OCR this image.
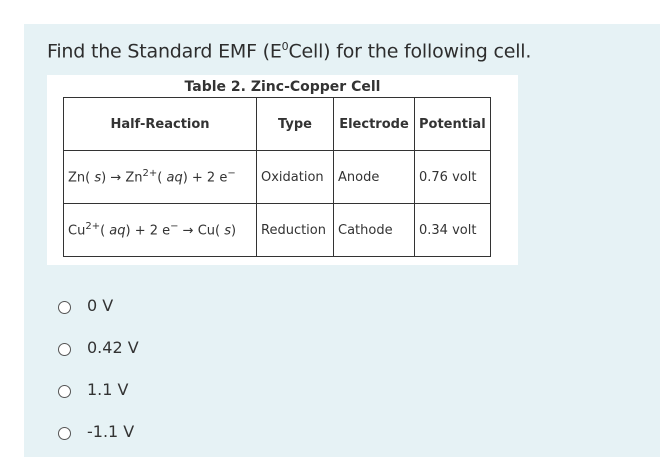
Find the Standard EMF $(E^0Cell)$ for the following cell.
Table 2. Zinc-Copper Cell
Half-Reaction	Type	Electrode	Potential
Zn( $s) \to Zn^{2+}$( aq) + 2 e−	Oxidation	Anode	0.76 volt
$Cu^{2+}$( aq) + 2 e− → Cu( s)	Reduction	Cathode	0.34 volt
0 V
0.42 V
1.1 V
-1.1 V
